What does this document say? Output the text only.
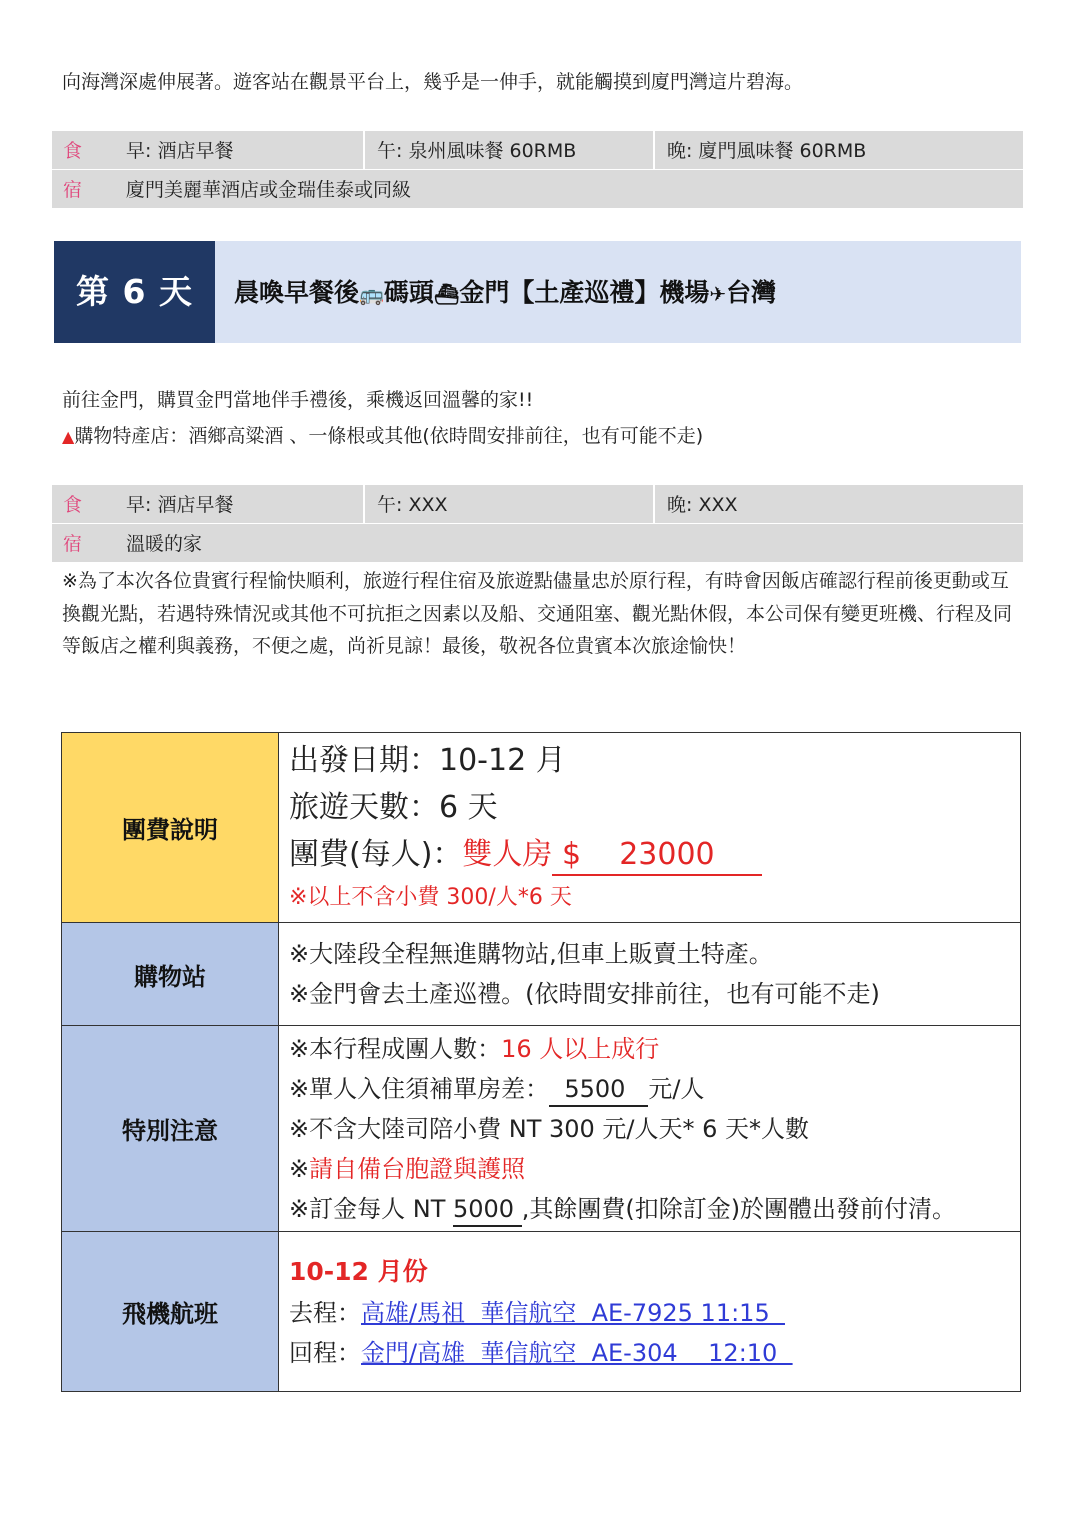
向海灣深處伸展著。遊客站在觀景平台上，幾乎是一伸手，就能觸摸到廈門灣這片碧海。
食	早: 酒店早餐	午: 泉州風味餐 60RMB	晚: 廈門風味餐 60RMB
宿	廈門美麗華酒店或金瑞佳泰或同級		
第 6 天	晨喚早餐後🚌碼頭⛴金門【土產巡禮】機場✈台灣
前往金門，購買金門當地伴手禮後，乘機返回溫馨的家!!
▲購物特產店：酒鄉高粱酒 、一條根或其他(依時間安排前往，也有可能不走)
食	早: 酒店早餐	午: XXX	晚: XXX
宿	溫暖的家		
※為了本次各位貴賓行程愉快順利，旅遊行程住宿及旅遊點儘量忠於原行程，有時會因飯店確認行程前後更動或互換觀光點，若遇特殊情況或其他不可抗拒之因素以及船、交通阻塞、觀光點休假，本公司保有變更班機、行程及同等飯店之權利與義務，不便之處，尚祈見諒！最後，敬祝各位貴賓本次旅途愉快！
團費說明	出發日期：10-12 月
旅遊天數：6 天
團費(每人)：雙人房 $    23000
※以上不含小費 300/人*6 天

購物站	※大陸段全程無進購物站,但車上販賣土特產。
※金門會去土產巡禮。(依時間安排前往，也有可能不走)

特別注意	※本行程成團人數：16 人以上成行
※單人入住須補單房差：  5500   元/人
※不含大陸司陪小費 NT 300 元/人天* 6 天*人數
※請自備台胞證與護照
※訂金每人 NT 5000 ,其餘團費(扣除訂金)於團體出發前付清。

飛機航班	10-12 月份
去程：高雄/馬祖  華信航空  AE-7925 11:15
回程：金門/高雄  華信航空  AE-304    12:10
